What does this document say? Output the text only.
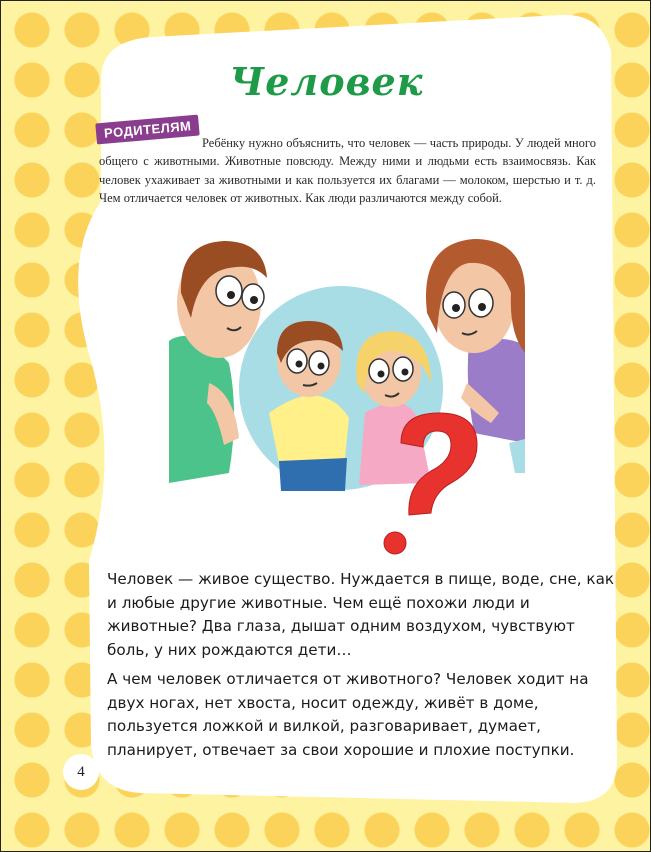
Человек

Ребёнку нужно объяснить, что человек — часть природы. У людей много общего с животными. Животные повсюду. Между ними и людьми есть взаимосвязь. Как человек ухаживает за животными и как пользуется их благами — молоком, шерстью и т. д. Чем отличается человек от животных. Как люди различаются между собой.

РОДИТЕЛЯМ

Человек — живое существо. Нуждается в пище, воде, сне, как и любые другие животные. Чем ещё похожи люди и животные? Два глаза, дышат одним воздухом, чувствуют боль, у них рождаются дети…

А чем человек отличается от животного? Человек ходит на двух ногах, нет хвоста, носит одежду, живёт в доме, пользуется ложкой и вилкой, разговаривает, думает, планирует, отвечает за свои хорошие и плохие поступки.

4
